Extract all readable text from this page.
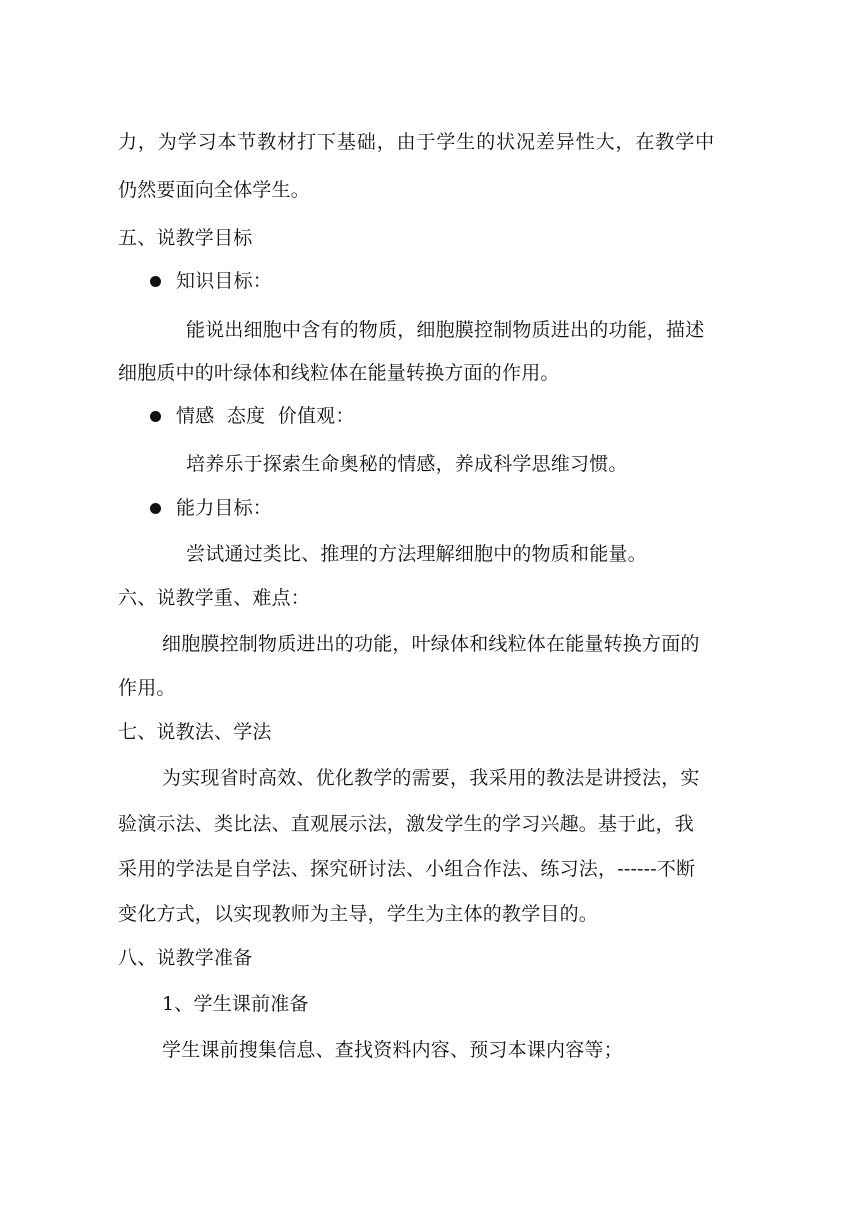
力，为学习本节教材打下基础，由于学生的状况差异性大，在教学中
仍然要面向全体学生。
五、说教学目标
知识目标：
能说出细胞中含有的物质，细胞膜控制物质进出的功能，描述
细胞质中的叶绿体和线粒体在能量转换方面的作用。
情感  态度  价值观：
培养乐于探索生命奥秘的情感，养成科学思维习惯。
能力目标：
尝试通过类比、推理的方法理解细胞中的物质和能量。
六、说教学重、难点：
细胞膜控制物质进出的功能，叶绿体和线粒体在能量转换方面的
作用。
七、说教法、学法
为实现省时高效、优化教学的需要，我采用的教法是讲授法，实
验演示法、类比法、直观展示法，激发学生的学习兴趣。基于此，我
采用的学法是自学法、探究研讨法、小组合作法、练习法，------不断
变化方式，以实现教师为主导，学生为主体的教学目的。
八、说教学准备
1、学生课前准备
学生课前搜集信息、查找资料内容、预习本课内容等；
